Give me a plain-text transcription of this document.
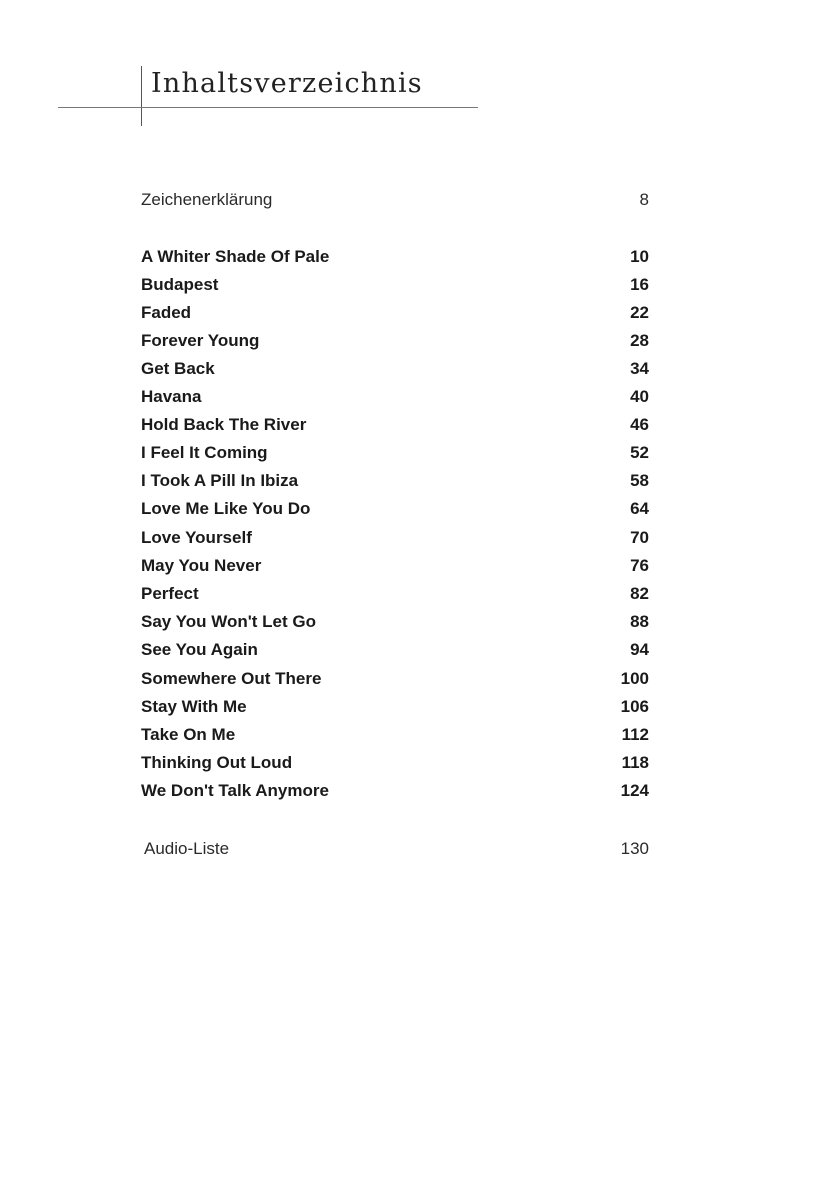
Inhaltsverzeichnis
Zeichenerklärung	8
A Whiter Shade Of Pale	10
Budapest	16
Faded	22
Forever Young	28
Get Back	34
Havana	40
Hold Back The River	46
I Feel It Coming	52
I Took A Pill In Ibiza	58
Love Me Like You Do	64
Love Yourself	70
May You Never	76
Perfect	82
Say You Won't Let Go	88
See You Again	94
Somewhere Out There	100
Stay With Me	106
Take On Me	112
Thinking Out Loud	118
We Don't Talk Anymore	124
Audio-Liste	130
